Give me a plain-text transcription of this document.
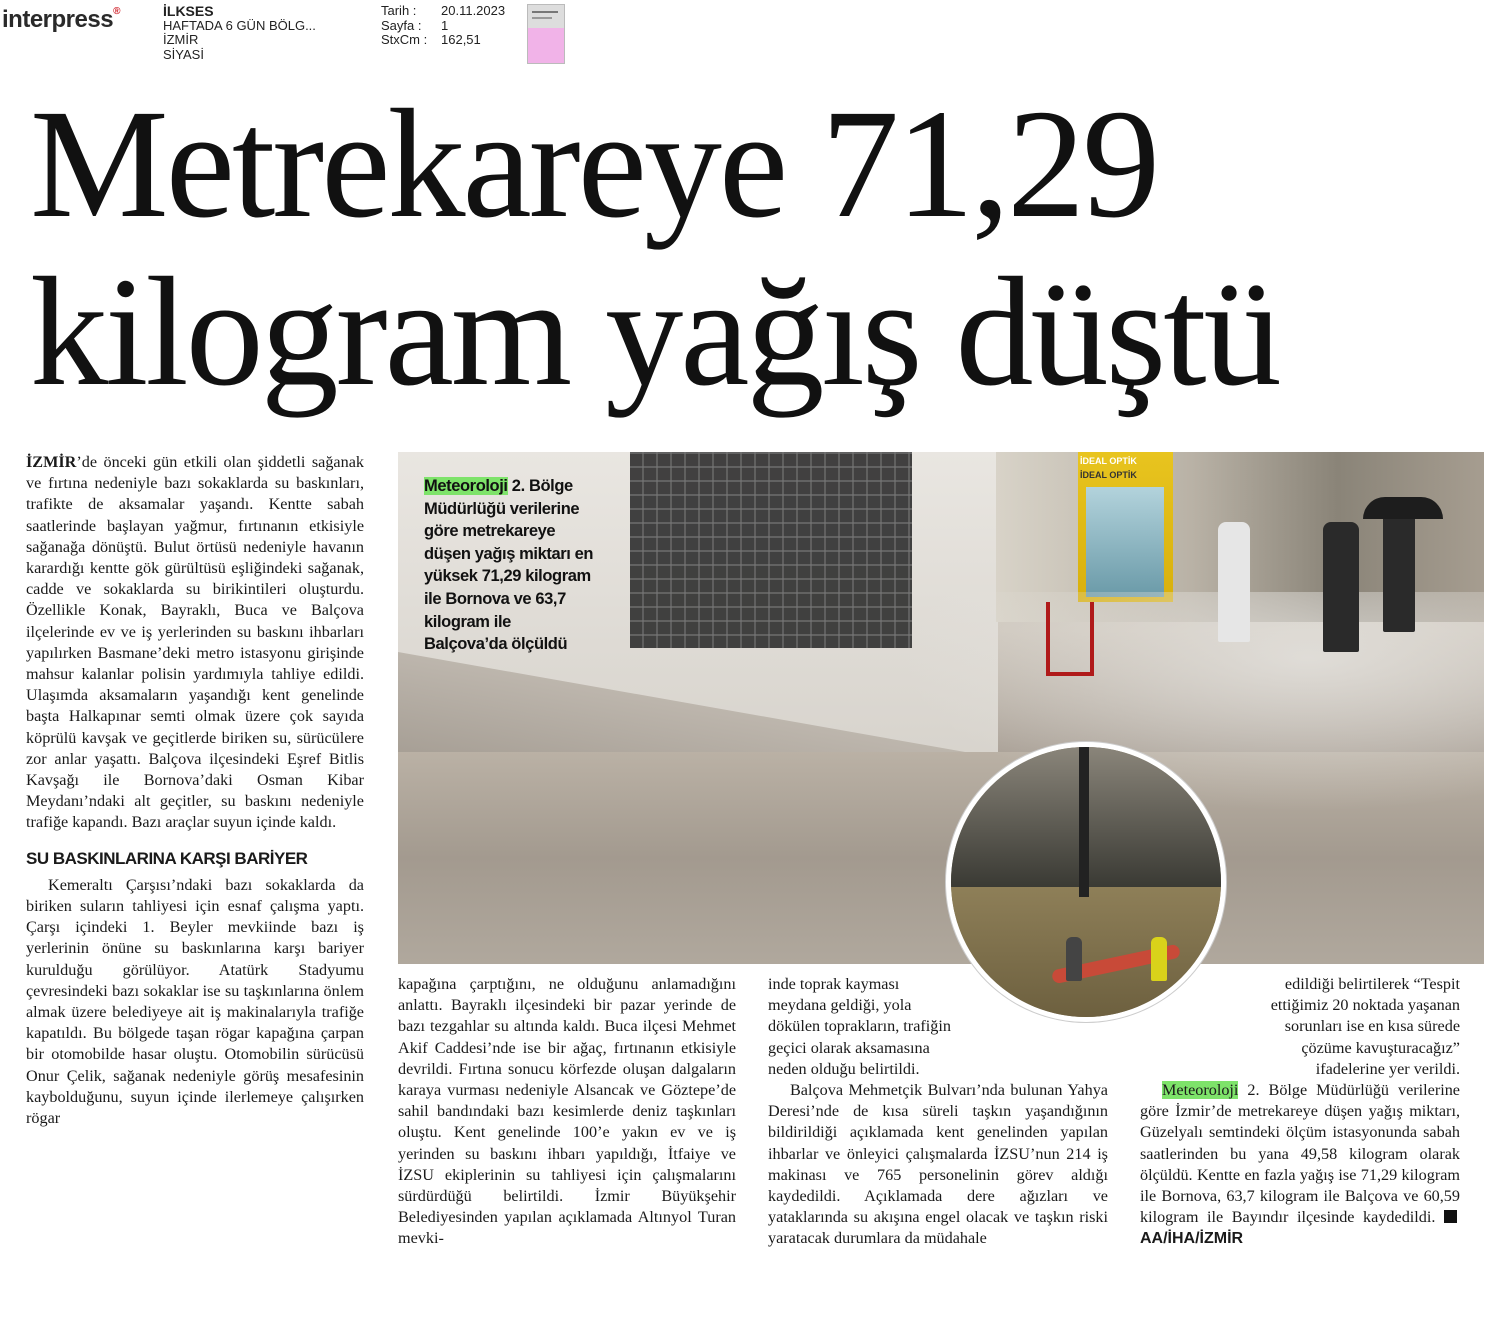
interpress®	İLKSES
HAFTADA 6 GÜN BÖLG...
İZMİR
SİYASİ
Tarih :	20.11.2023
Sayfa :	1
StxCm :	162,51
Metrekareye 71,29
kilogram yağış düştü

İZMİR’de önceki gün etkili olan şiddetli sağanak ve fırtına nedeniyle bazı sokaklarda su baskınları, trafikte de aksamalar yaşandı. Kentte sabah saatlerinde başlayan yağmur, fırtınanın etkisiyle sağanağa dönüştü. Bulut örtüsü nedeniyle havanın karardığı kentte gök gürültüsü eşliğindeki sağanak, cadde ve sokaklarda su birikintileri oluşturdu. Özellikle Konak, Bayraklı, Buca ve Balçova ilçelerinde ev ve iş yerlerinden su baskını ihbarları yapılırken Basmane’deki metro istasyonu girişinde mahsur kalanlar polisin yardımıyla tahliye edildi. Ulaşımda aksamaların yaşandığı kent genelinde başta Halkapınar semti olmak üzere çok sayıda köprülü kavşak ve geçitlerde biriken su, sürücülere zor anlar yaşattı. Balçova ilçesindeki Eşref Bitlis Kavşağı ile Bornova’daki Osman Kibar Meydanı’ndaki alt geçitler, su baskını nedeniyle trafiğe kapandı. Bazı araçlar suyun içinde kaldı.

SU BASKINLARINA KARŞI BARİYER

Kemeraltı Çarşısı’ndaki bazı sokaklarda da biriken suların tahliyesi için esnaf çalışma yaptı. Çarşı içindeki 1. Beyler mevkiinde bazı iş yerlerinin önüne su baskınlarına karşı bariyer kurulduğu görülüyor. Atatürk Stadyumu çevresindeki bazı sokaklar ise su taşkınlarına önlem almak üzere belediyeye ait iş makinalarıyla trafiğe kapatıldı. Bu bölgede taşan rögar kapağına çarpan bir otomobilde hasar oluştu. Otomobilin sürücüsü Onur Çelik, sağanak nedeniyle görüş mesafesinin kaybolduğunu, suyun içinde ilerlemeye çalışırken rögar

İDEAL OPTİK
İDEAL OPTİK
Meteoroloji 2. Bölge Müdürlüğü verilerine göre metrekareye düşen yağış miktarı en yüksek 71,29 kilogram ile Bornova ve 63,7 kilogram ile Balçova’da ölçüldü

kapağına çarptığını, ne olduğunu anlamadığını anlattı. Bayraklı ilçesindeki bir pazar yerinde de bazı tezgahlar su altında kaldı. Buca ilçesi Mehmet Akif Caddesi’nde ise bir ağaç, fırtınanın etkisiyle devrildi. Fırtına sonucu körfezde oluşan dalgaların karaya vurması nedeniyle Alsancak ve Göztepe’de sahil bandındaki bazı kesimlerde deniz taşkınları oluştu. Kent genelinde 100’e yakın ev ve iş yerinden su baskını ihbarı yapıldığı, İtfaiye ve İZSU ekiplerinin su tahliyesi için çalışmalarını sürdürdüğü belirtildi. İzmir Büyükşehir Belediyesinden yapılan açıklamada Altınyol Turan mevki-

inde toprak kayması meydana geldiği, yola dökülen toprakların, trafiğin geçici olarak aksamasına neden olduğu belirtildi.

Balçova Mehmetçik Bulvarı’nda bulunan Yahya Deresi’nde de kısa süreli taşkın yaşandığının bildirildiği açıklamada kent genelinden yapılan ihbarlar ve önleyici çalışmalarda İZSU’nun 214 iş makinası ve 765 personelinin görev aldığı kaydedildi. Açıklamada dere ağızları ve yataklarında su akışına engel olacak ve taşkın riski yaratacak durumlara da müdahale

edildiği belirtilerek “Tespit ettiğimiz 20 noktada yaşanan sorunları ise en kısa sürede çözüme kavuşturacağız” ifadelerine yer verildi.

Meteoroloji 2. Bölge Müdürlüğü verilerine göre İzmir’de metrekareye düşen yağış miktarı, Güzelyalı semtindeki ölçüm istasyonunda sabah saatlerinden bu yana 49,58 kilogram olarak ölçüldü. Kentte en fazla yağış ise 71,29 kilogram ile Bornova, 63,7 kilogram ile Balçova ve 60,59 kilogram ile Bayındır ilçesinde kaydedildi. AA/İHA/İZMİR
